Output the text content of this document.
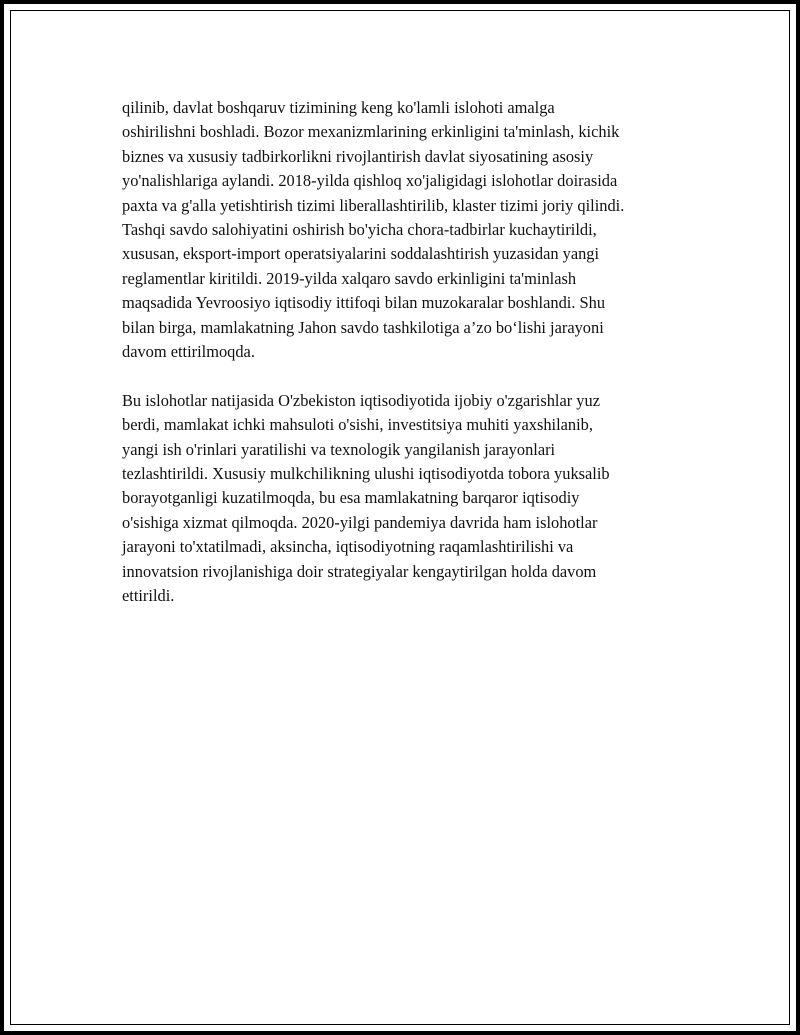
qilinib, davlat boshqaruv tizimining keng ko'lamli islohoti amalga
oshirilishni boshladi. Bozor mexanizmlarining erkinligini ta'minlash, kichik
biznes va xususiy tadbirkorlikni rivojlantirish davlat siyosatining asosiy
yo'nalishlariga aylandi. 2018-yilda qishloq xo'jaligidagi islohotlar doirasida
paxta va g'alla yetishtirish tizimi liberallashtirilib, klaster tizimi joriy qilindi.
Tashqi savdo salohiyatini oshirish bo'yicha chora-tadbirlar kuchaytirildi,
xususan, eksport-import operatsiyalarini soddalashtirish yuzasidan yangi
reglamentlar kiritildi. 2019-yilda xalqaro savdo erkinligini ta'minlash
maqsadida Yevroosiyo iqtisodiy ittifoqi bilan muzokaralar boshlandi. Shu
bilan birga, mamlakatning Jahon savdo tashkilotiga a’zo bo‘lishi jarayoni
davom ettirilmoqda.

Bu islohotlar natijasida O'zbekiston iqtisodiyotida ijobiy o'zgarishlar yuz
berdi, mamlakat ichki mahsuloti o'sishi, investitsiya muhiti yaxshilanib,
yangi ish o'rinlari yaratilishi va texnologik yangilanish jarayonlari
tezlashtirildi. Xususiy mulkchilikning ulushi iqtisodiyotda tobora yuksalib
borayotganligi kuzatilmoqda, bu esa mamlakatning barqaror iqtisodiy
o'sishiga xizmat qilmoqda. 2020-yilgi pandemiya davrida ham islohotlar
jarayoni to'xtatilmadi, aksincha, iqtisodiyotning raqamlashtirilishi va
innovatsion rivojlanishiga doir strategiyalar kengaytirilgan holda davom
ettirildi.
